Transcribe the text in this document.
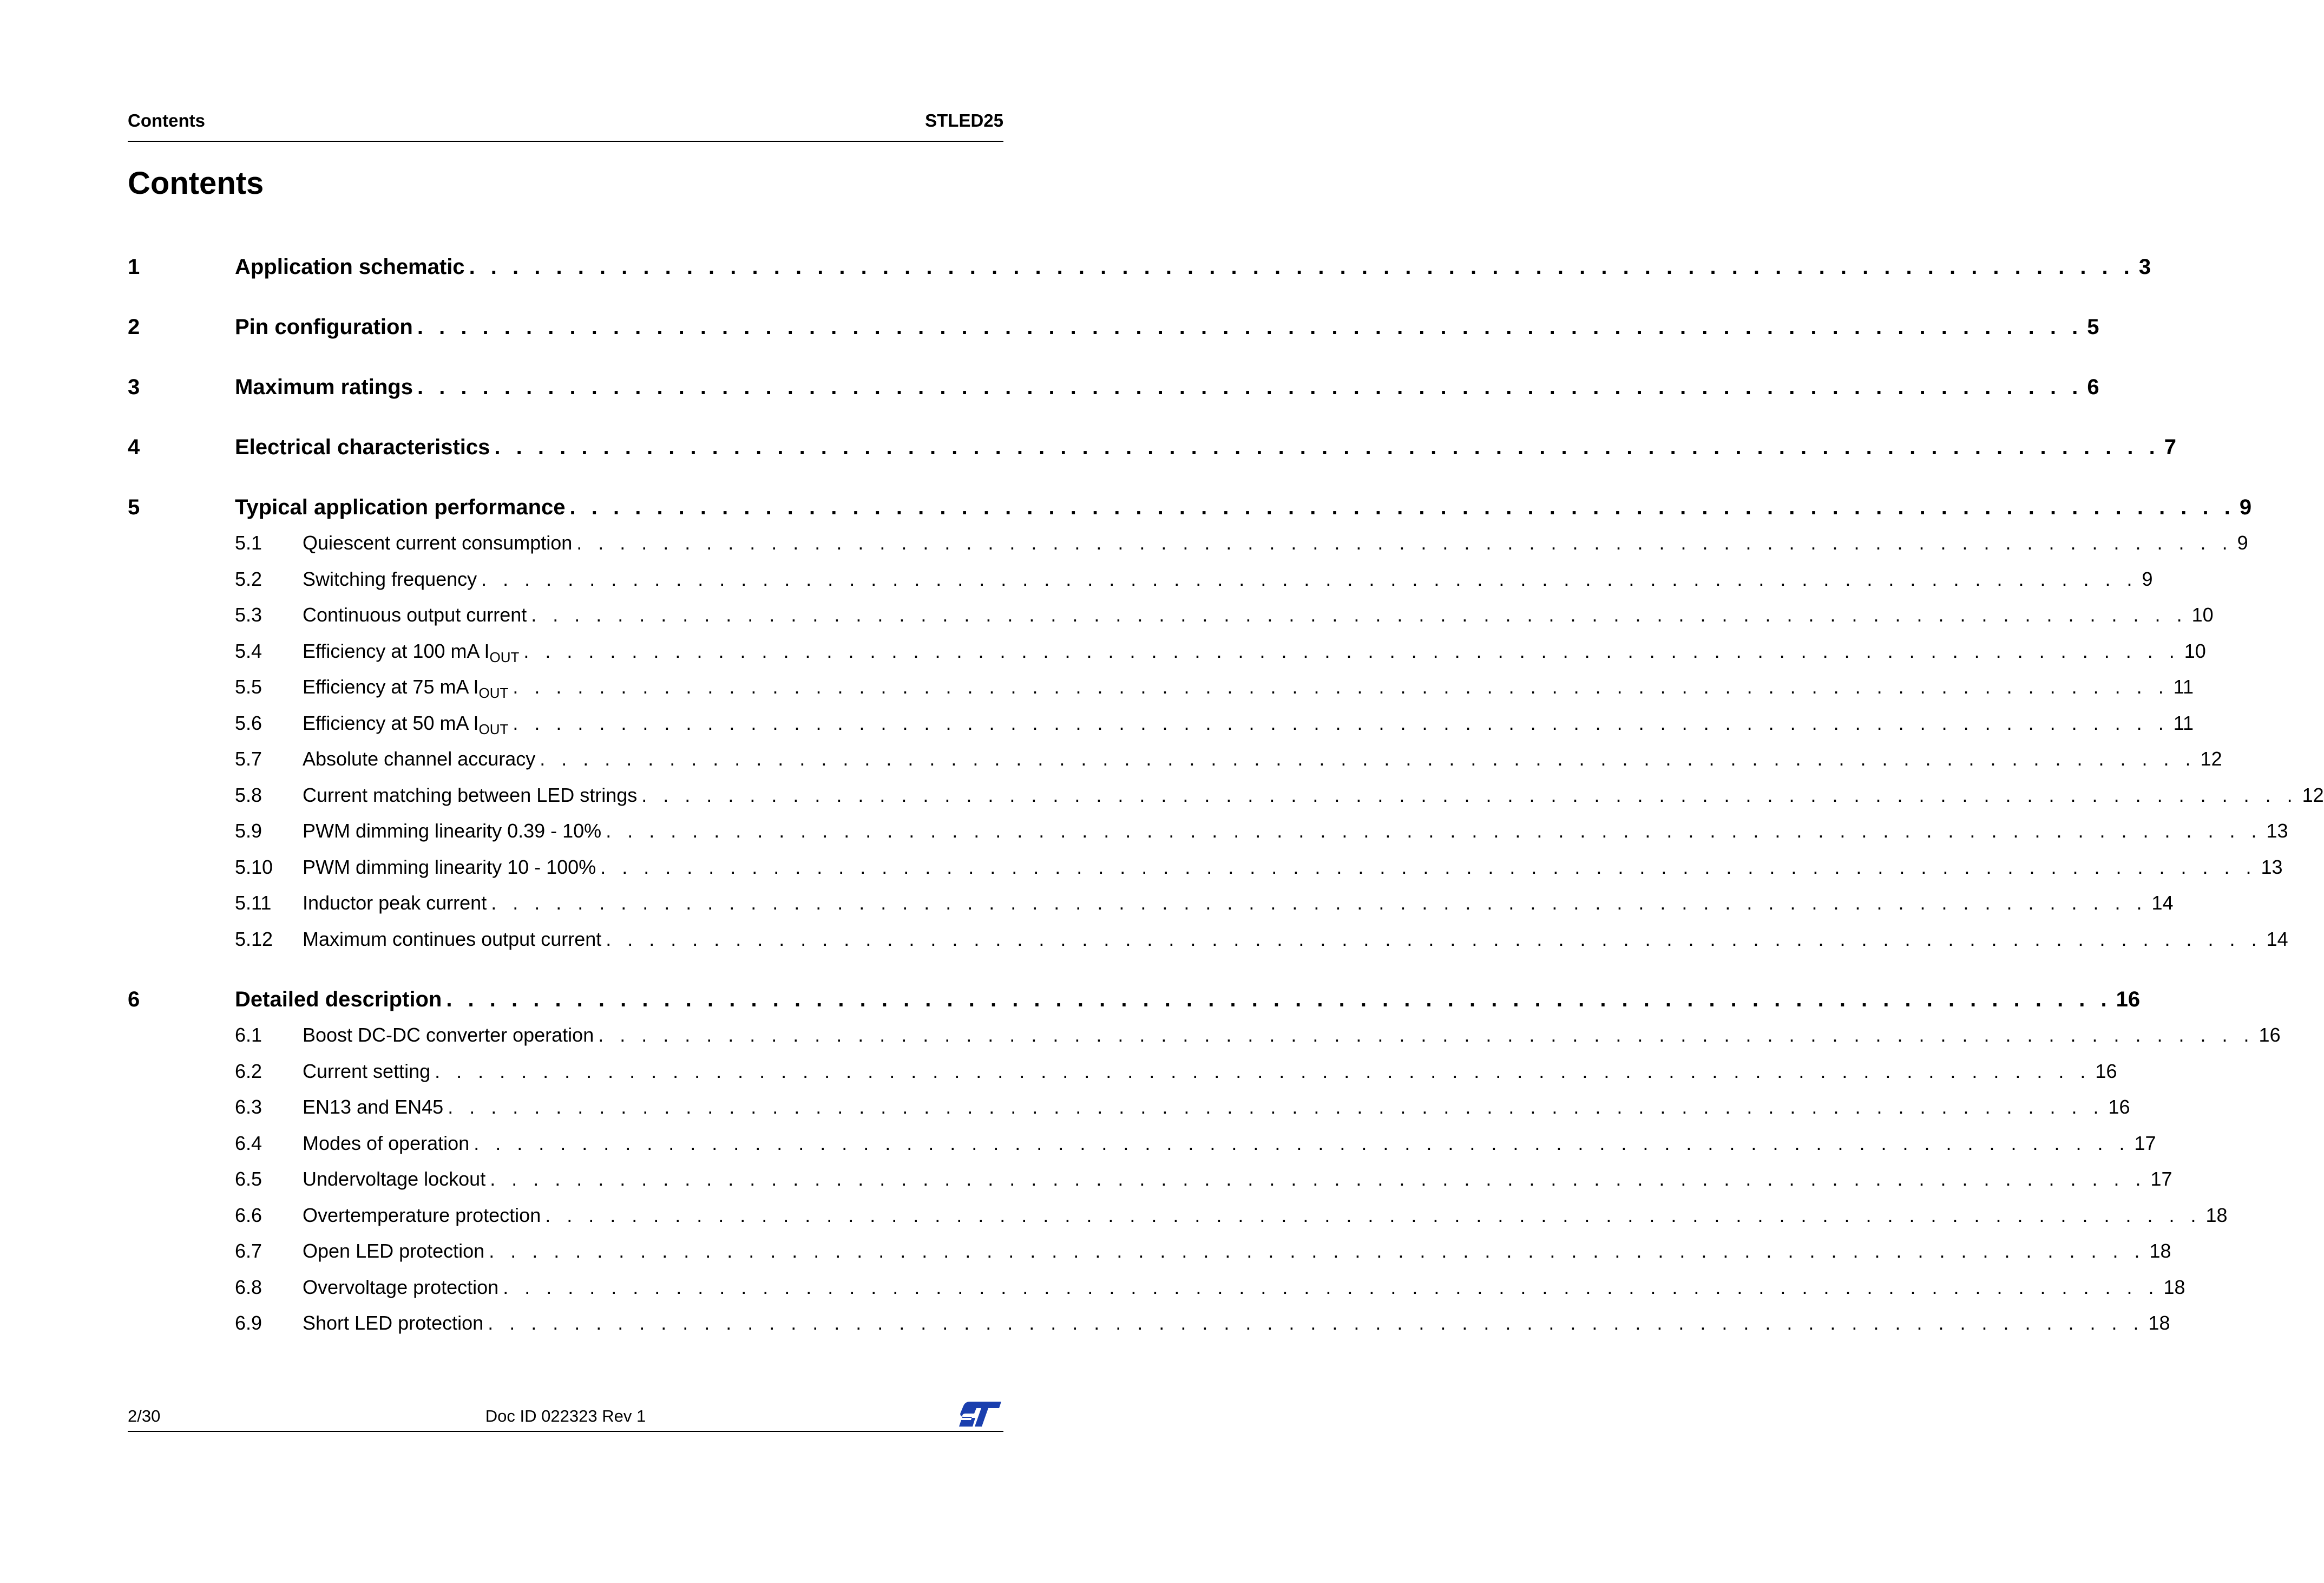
Contents	STLED25
Contents
1	Application schematic . . . . . . . . . . . . . . . . . . . . . . . . . . . . . . . . . . . . . . . . . . . . . . . . . . . . . . . . . . . . . . . . . . . . . . . . . . . . . 3
2	Pin configuration . . . . . . . . . . . . . . . . . . . . . . . . . . . . . . . . . . . . . . . . . . . . . . . . . . . . . . . . . . . . . . . . . . . . . . . . . . . . . 5
3	Maximum ratings . . . . . . . . . . . . . . . . . . . . . . . . . . . . . . . . . . . . . . . . . . . . . . . . . . . . . . . . . . . . . . . . . . . . . . . . . . . . . 6
4	Electrical characteristics . . . . . . . . . . . . . . . . . . . . . . . . . . . . . . . . . . . . . . . . . . . . . . . . . . . . . . . . . . . . . . . . . . . . . . . . . . . . . 7
5	Typical application performance . . . . . . . . . . . . . . . . . . . . . . . . . . . . . . . . . . . . . . . . . . . . . . . . . . . . . . . . . . . . . . . . . . . . . . . . . . . . . 9
5.1 Quiescent current consumption . . . . . . . . . . . . . . . . . . . . . . . . . . . . . . . . . . . . . . . . . . . . . . . . . . . . . . . . . . . . . . . . . . . . . . . . . . . . . 9
5.2 Switching frequency . . . . . . . . . . . . . . . . . . . . . . . . . . . . . . . . . . . . . . . . . . . . . . . . . . . . . . . . . . . . . . . . . . . . . . . . . . . . . 9
5.3 Continuous output current . . . . . . . . . . . . . . . . . . . . . . . . . . . . . . . . . . . . . . . . . . . . . . . . . . . . . . . . . . . . . . . . . . . . . . . . . . . . . 10
5.4 Efficiency at 100 mA $I_{OUT}$ . . . . . . . . . . . . . . . . . . . . . . . . . . . . . . . . . . . . . . . . . . . . . . . . . . . . . . . . . . . . . . . . . . . . . . . . . . . . . 10
5.5 Efficiency at 75 mA $I_{OUT}$ . . . . . . . . . . . . . . . . . . . . . . . . . . . . . . . . . . . . . . . . . . . . . . . . . . . . . . . . . . . . . . . . . . . . . . . . . . . . . 11
5.6 Efficiency at 50 mA $I_{OUT}$ . . . . . . . . . . . . . . . . . . . . . . . . . . . . . . . . . . . . . . . . . . . . . . . . . . . . . . . . . . . . . . . . . . . . . . . . . . . . . 11
5.7 Absolute channel accuracy . . . . . . . . . . . . . . . . . . . . . . . . . . . . . . . . . . . . . . . . . . . . . . . . . . . . . . . . . . . . . . . . . . . . . . . . . . . . . 12
5.8 Current matching between LED strings . . . . . . . . . . . . . . . . . . . . . . . . . . . . . . . . . . . . . . . . . . . . . . . . . . . . . . . . . . . . . . . . . . . . . . . . . . . . . 12
5.9 PWM dimming linearity 0.39 - 10% . . . . . . . . . . . . . . . . . . . . . . . . . . . . . . . . . . . . . . . . . . . . . . . . . . . . . . . . . . . . . . . . . . . . . . . . . . . . . 13
5.10 PWM dimming linearity 10 - 100% . . . . . . . . . . . . . . . . . . . . . . . . . . . . . . . . . . . . . . . . . . . . . . . . . . . . . . . . . . . . . . . . . . . . . . . . . . . . . 13
5.11 Inductor peak current . . . . . . . . . . . . . . . . . . . . . . . . . . . . . . . . . . . . . . . . . . . . . . . . . . . . . . . . . . . . . . . . . . . . . . . . . . . . . 14
5.12 Maximum continues output current . . . . . . . . . . . . . . . . . . . . . . . . . . . . . . . . . . . . . . . . . . . . . . . . . . . . . . . . . . . . . . . . . . . . . . . . . . . . . 14
6	Detailed description . . . . . . . . . . . . . . . . . . . . . . . . . . . . . . . . . . . . . . . . . . . . . . . . . . . . . . . . . . . . . . . . . . . . . . . . . . . . . 16
6.1 Boost DC-DC converter operation . . . . . . . . . . . . . . . . . . . . . . . . . . . . . . . . . . . . . . . . . . . . . . . . . . . . . . . . . . . . . . . . . . . . . . . . . . . . . 16
6.2 Current setting . . . . . . . . . . . . . . . . . . . . . . . . . . . . . . . . . . . . . . . . . . . . . . . . . . . . . . . . . . . . . . . . . . . . . . . . . . . . . 16
6.3 EN13 and EN45 . . . . . . . . . . . . . . . . . . . . . . . . . . . . . . . . . . . . . . . . . . . . . . . . . . . . . . . . . . . . . . . . . . . . . . . . . . . . . 16
6.4 Modes of operation . . . . . . . . . . . . . . . . . . . . . . . . . . . . . . . . . . . . . . . . . . . . . . . . . . . . . . . . . . . . . . . . . . . . . . . . . . . . . 17
6.5 Undervoltage lockout . . . . . . . . . . . . . . . . . . . . . . . . . . . . . . . . . . . . . . . . . . . . . . . . . . . . . . . . . . . . . . . . . . . . . . . . . . . . . 17
6.6 Overtemperature protection . . . . . . . . . . . . . . . . . . . . . . . . . . . . . . . . . . . . . . . . . . . . . . . . . . . . . . . . . . . . . . . . . . . . . . . . . . . . . 18
6.7 Open LED protection . . . . . . . . . . . . . . . . . . . . . . . . . . . . . . . . . . . . . . . . . . . . . . . . . . . . . . . . . . . . . . . . . . . . . . . . . . . . . 18
6.8 Overvoltage protection . . . . . . . . . . . . . . . . . . . . . . . . . . . . . . . . . . . . . . . . . . . . . . . . . . . . . . . . . . . . . . . . . . . . . . . . . . . . . 18
6.9 Short LED protection . . . . . . . . . . . . . . . . . . . . . . . . . . . . . . . . . . . . . . . . . . . . . . . . . . . . . . . . . . . . . . . . . . . . . . . . . . . . . 18
2/30	Doc ID 022323 Rev 1
